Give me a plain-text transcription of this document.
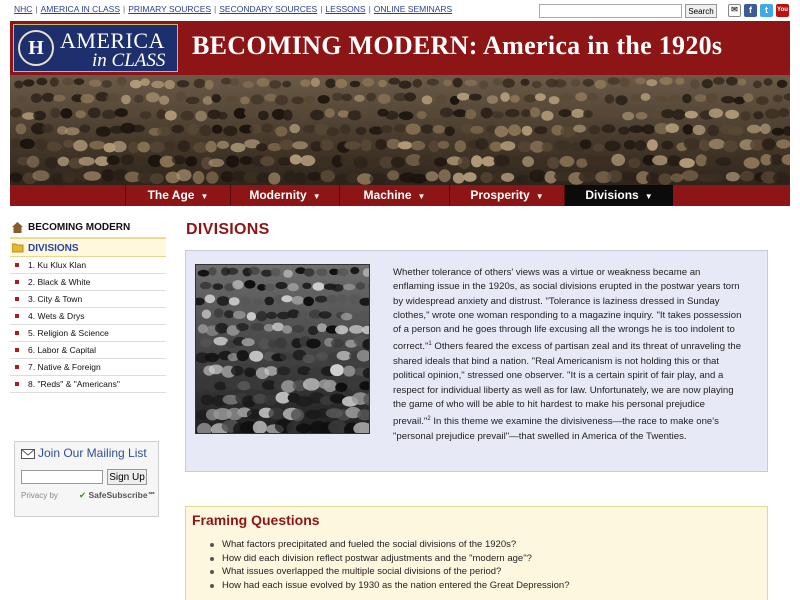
NHC | AMERICA IN CLASS | PRIMARY SOURCES | SECONDARY SOURCES | LESSONS | ONLINE SEMINARS	Search	✉	f	t	You
H AMERICA
in CLASS
BECOMING MODERN: America in the 1920s
The Age ▼	Modernity ▼	Machine ▼	Prosperity ▼	Divisions ▼
BECOMING MODERN
DIVISIONS
1. Ku Klux Klan
2. Black & White
3. City & Town
4. Wets & Drys
5. Religion & Science
6. Labor & Capital
7. Native & Foreign
8. "Reds" & "Americans"
Join Our Mailing List
Sign Up
Privacy by ✔ SafeSubscribe℠
DIVISIONS

Whether tolerance of others' views was a virtue or weakness became an enflaming issue in the 1920s, as social divisions erupted in the postwar years torn by widespread anxiety and distrust. "Tolerance is laziness dressed in Sunday clothes," wrote one woman responding to a magazine inquiry. "It takes possession of a person and he goes through life excusing all the wrongs he is too indolent to correct."$^1$ Others feared the excess of partisan zeal and its threat of unraveling the shared ideals that bind a nation. "Real Americanism is not holding this or that political opinion," stressed one observer. "It is a certain spirit of fair play, and a respect for individual liberty as well as for law. Unfortunately, we are now playing the game of who will be able to hit hardest to make his personal prejudice prevail."$^2$ In this theme we examine the divisiveness—the race to make one's "personal prejudice prevail"—that swelled in America of the Twenties.

Framing Questions
What factors precipitated and fueled the social divisions of the 1920s?
How did each division reflect postwar adjustments and the "modern age"?
What issues overlapped the multiple social divisions of the period?
How had each issue evolved by 1930 as the nation entered the Great Depression?
